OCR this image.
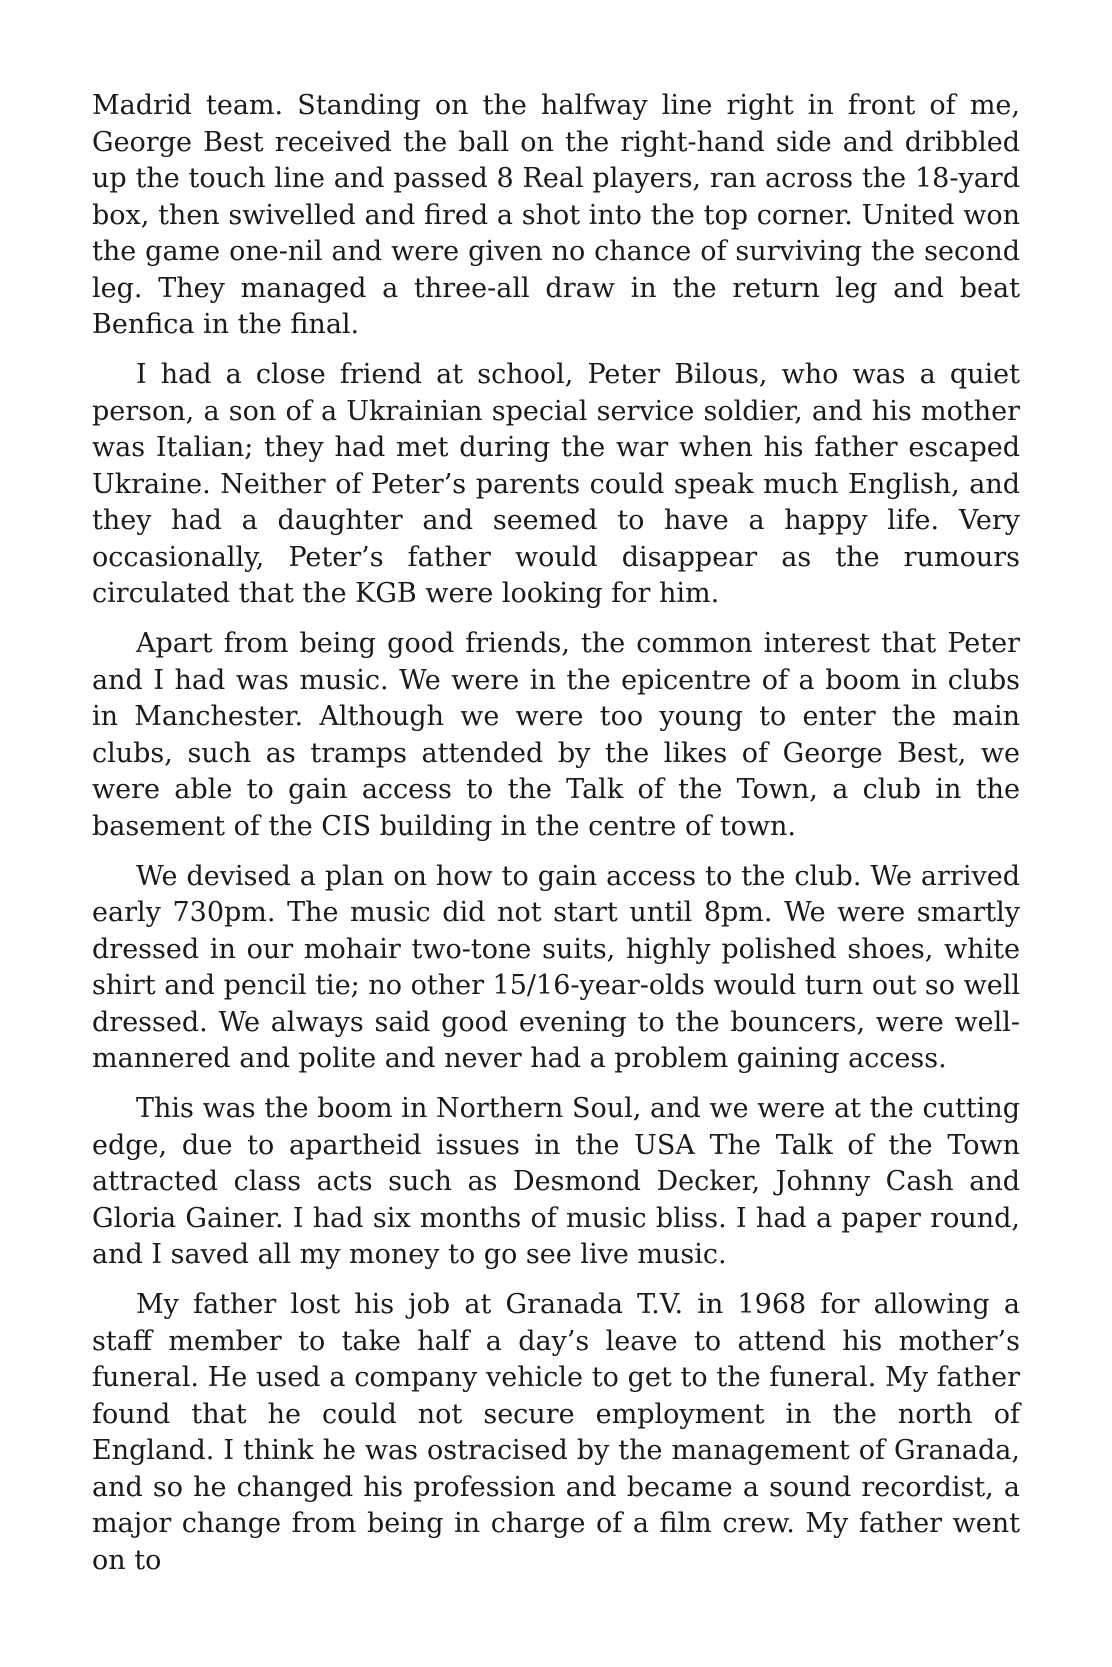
Madrid team. Standing on the halfway line right in front of me, George Best received the ball on the right-hand side and dribbled up the touch line and passed 8 Real players, ran across the 18-yard box, then swivelled and fired a shot into the top corner. United won the game one-nil and were given no chance of surviving the second leg. They managed a three-all draw in the return leg and beat Benfica in the final.

I had a close friend at school, Peter Bilous, who was a quiet person, a son of a Ukrainian special service soldier, and his mother was Italian; they had met during the war when his father escaped Ukraine. Neither of Peter’s parents could speak much English, and they had a daughter and seemed to have a happy life. Very occasionally, Peter’s father would disappear as the rumours circulated that the KGB were looking for him.

Apart from being good friends, the common interest that Peter and I had was music. We were in the epicentre of a boom in clubs in Manchester. Although we were too young to enter the main clubs, such as tramps attended by the likes of George Best, we were able to gain access to the Talk of the Town, a club in the basement of the CIS building in the centre of town.

We devised a plan on how to gain access to the club. We arrived early 730pm. The music did not start until 8pm. We were smartly dressed in our mohair two-tone suits, highly polished shoes, white shirt and pencil tie; no other 15/16-year-olds would turn out so well dressed. We always said good evening to the bouncers, were well-mannered and polite and never had a problem gaining access.

This was the boom in Northern Soul, and we were at the cutting edge, due to apartheid issues in the USA The Talk of the Town attracted class acts such as Desmond Decker, Johnny Cash and Gloria Gainer. I had six months of music bliss. I had a paper round, and I saved all my money to go see live music.

My father lost his job at Granada T.V. in 1968 for allowing a staff member to take half a day’s leave to attend his mother’s funeral. He used a company vehicle to get to the funeral. My father found that he could not secure employment in the north of England. I think he was ostracised by the management of Granada, and so he changed his profession and became a sound recordist, a major change from being in charge of a film crew. My father went on to
